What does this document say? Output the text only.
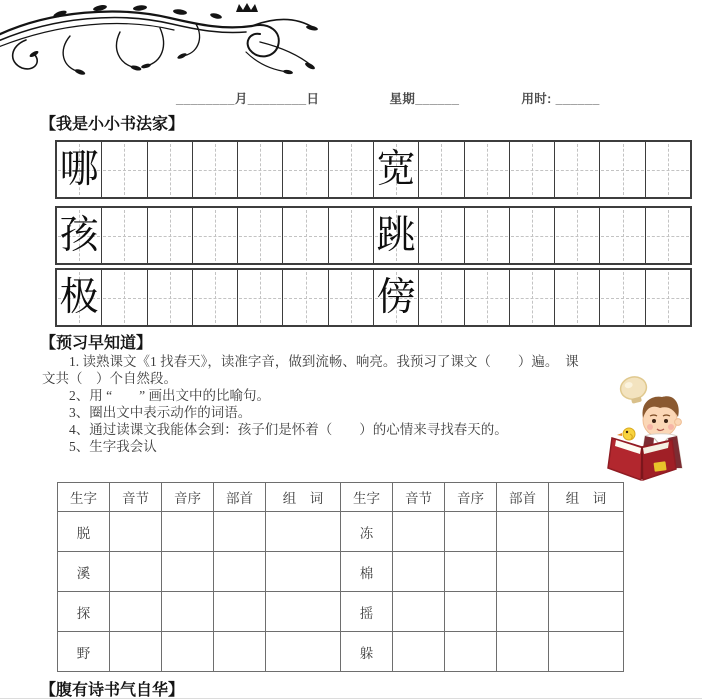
________月________日	星期______	用时: ______
【我是小小书法家】
哪	宽
孩	跳
极	傍
【预习早知道】
1. 读熟课文《1 找春天》，读准字音，做到流畅、响亮。我预习了课文（　　）遍。　课
文共（　）个自然段。
2、用 “　　” 画出文中的比喻句。
3、圈出文中表示动作的词语。
4、通过读课文我能体会到：孩子们是怀着（　　）的心情来寻找春天的。
5、生字我会认
生字	音节	音序	部首	组　词	生字	音节	音序	部首	组　词
脱					冻				
溪					棉				
探					摇				
野					躲				
【腹有诗书气自华】
